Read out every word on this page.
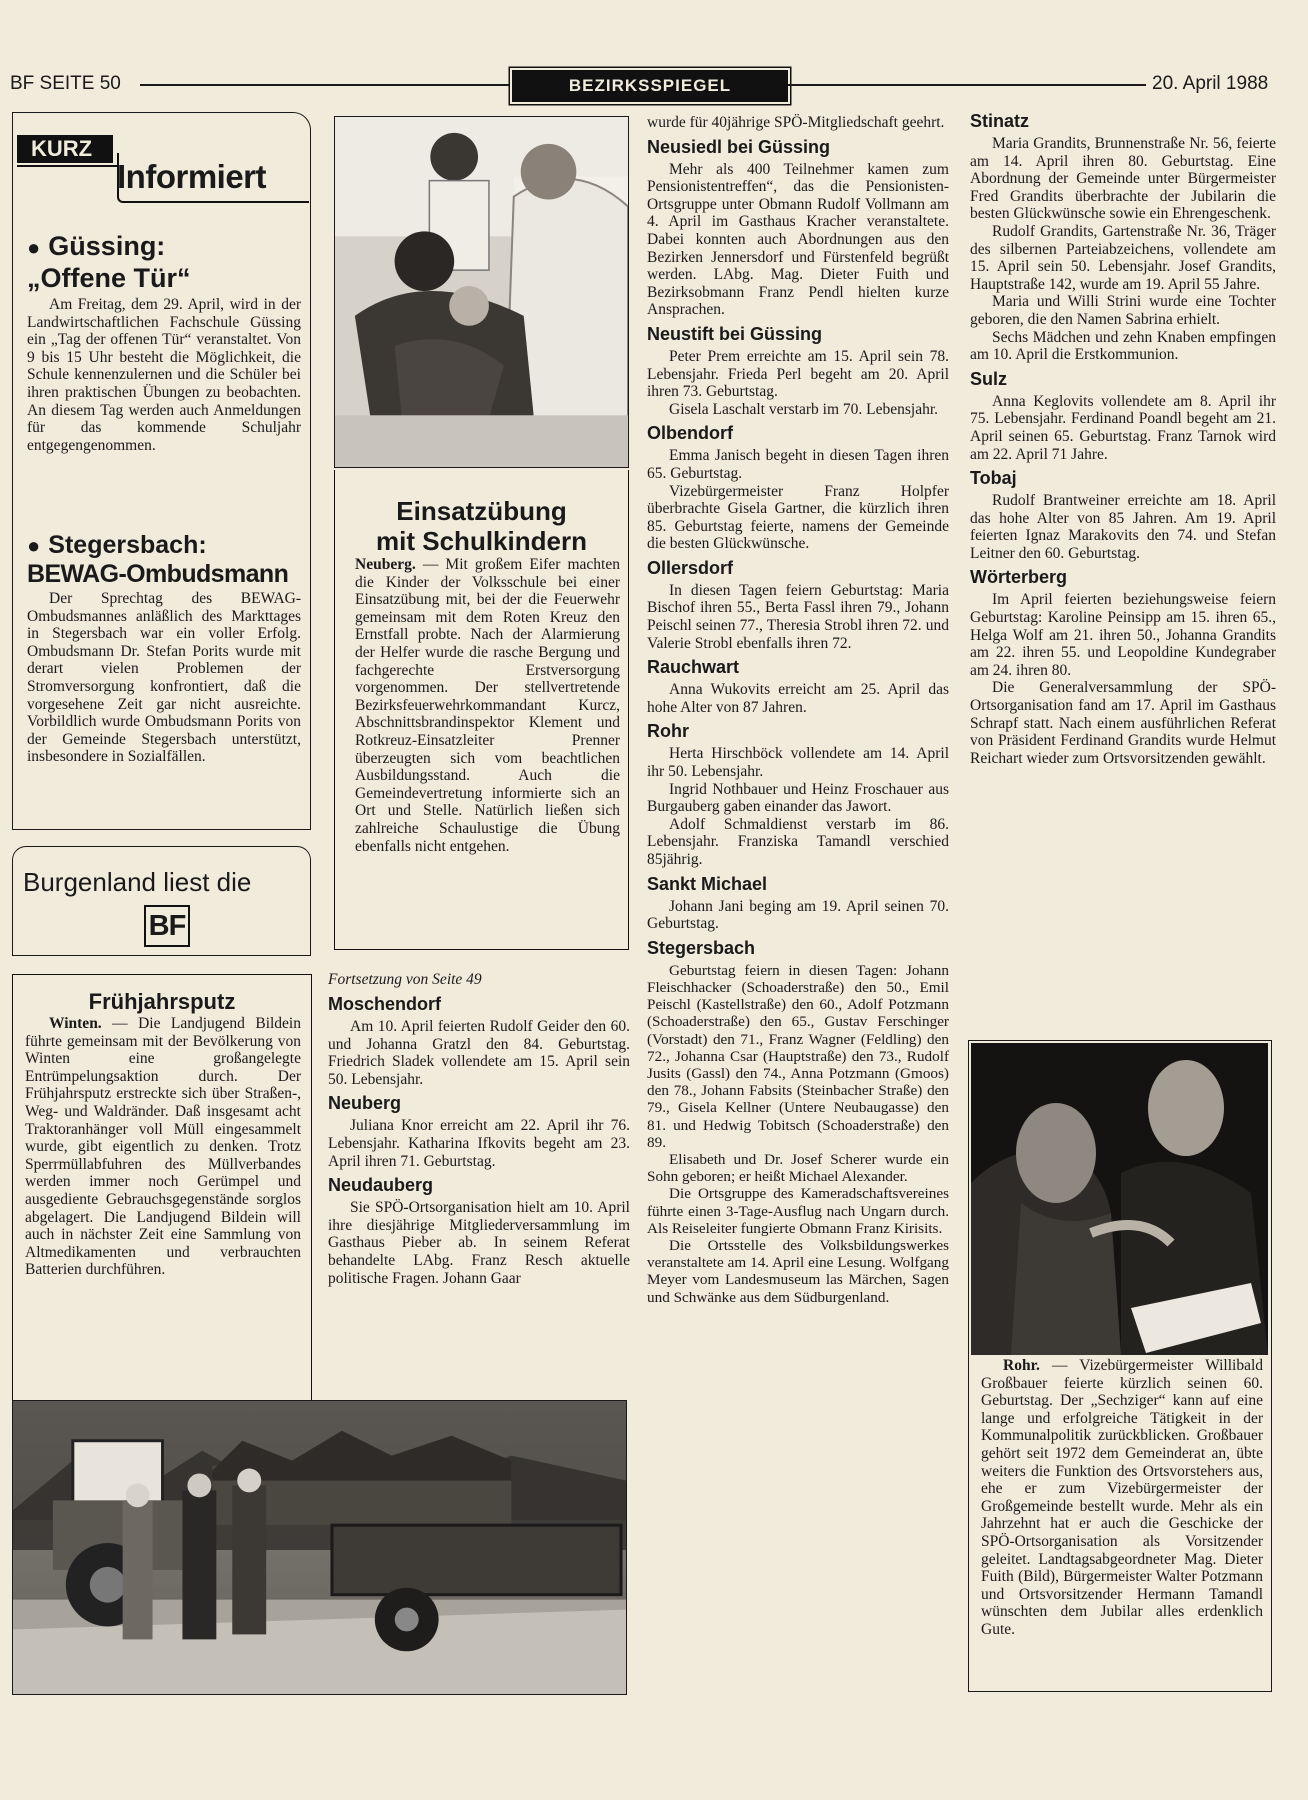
BF SEITE 50	BEZIRKSSPIEGEL	20. April 1988
KURZ
Informiert
● Güssing:
„Offene Tür“

Am Freitag, dem 29. April, wird in der Landwirtschaftlichen Fachschule Güssing ein „Tag der offenen Tür“ veranstaltet. Von 9 bis 15 Uhr besteht die Möglichkeit, die Schule kennenzulernen und die Schüler bei ihren praktischen Übungen zu beobachten. An diesem Tag werden auch Anmeldungen für das kommende Schuljahr entgegengenommen.

● Stegersbach:
BEWAG-Ombudsmann

Der Sprechtag des BEWAG-Ombudsmannes anläßlich des Markttages in Stegersbach war ein voller Erfolg. Ombudsmann Dr. Stefan Porits wurde mit derart vielen Problemen der Stromversorgung konfrontiert, daß die vorgesehene Zeit gar nicht ausreichte. Vorbildlich wurde Ombudsmann Porits von der Gemeinde Stegersbach unterstützt, insbesondere in Sozialfällen.

Burgenland liest die
BF
Frühjahrsputz

Winten. — Die Landjugend Bildein führte gemeinsam mit der Bevölkerung von Winten eine großangelegte Entrümpelungsaktion durch. Der Frühjahrsputz erstreckte sich über Straßen-, Weg- und Waldränder. Daß insgesamt acht Traktoranhänger voll Müll eingesammelt wurde, gibt eigentlich zu denken. Trotz Sperrmüllabfuhren des Müllverbandes werden immer noch Gerümpel und ausgediente Gebrauchsgegenstände sorglos abgelagert. Die Landjugend Bildein will auch in nächster Zeit eine Sammlung von Altmedikamenten und verbrauchten Batterien durchführen.

Einsatzübung
mit Schulkindern

Neuberg. — Mit großem Eifer machten die Kinder der Volksschule bei einer Einsatzübung mit, bei der die Feuerwehr gemeinsam mit dem Roten Kreuz den Ernstfall probte. Nach der Alarmierung der Helfer wurde die rasche Bergung und fachgerechte Erstversorgung vorgenommen. Der stellvertretende Bezirksfeuerwehrkommandant Kurcz, Abschnittsbrandinspektor Klement und Rotkreuz-Einsatzleiter Prenner überzeugten sich vom beachtlichen Ausbildungsstand. Auch die Gemeindevertretung informierte sich an Ort und Stelle. Natürlich ließen sich zahlreiche Schaulustige die Übung ebenfalls nicht entgehen.

Fortsetzung von Seite 49
Moschendorf

Am 10. April feierten Rudolf Geider den 60. und Johanna Gratzl den 84. Geburtstag. Friedrich Sladek vollendete am 15. April sein 50. Lebensjahr.

Neuberg

Juliana Knor erreicht am 22. April ihr 76. Lebensjahr. Katharina Ifkovits begeht am 23. April ihren 71. Geburtstag.

Neudauberg

Sie SPÖ-Ortsorganisation hielt am 10. April ihre diesjährige Mitgliederversammlung im Gasthaus Pieber ab. In seinem Referat behandelte LAbg. Franz Resch aktuelle politische Fragen. Johann Gaar

wurde für 40jährige SPÖ-Mitgliedschaft geehrt.

Neusiedl bei Güssing

Mehr als 400 Teilnehmer kamen zum Pensionistentreffen“, das die Pensionisten-Ortsgruppe unter Obmann Rudolf Vollmann am 4. April im Gasthaus Kracher veranstaltete. Dabei konnten auch Abordnungen aus den Bezirken Jennersdorf und Fürstenfeld begrüßt werden. LAbg. Mag. Dieter Fuith und Bezirksobmann Franz Pendl hielten kurze Ansprachen.

Neustift bei Güssing

Peter Prem erreichte am 15. April sein 78. Lebensjahr. Frieda Perl begeht am 20. April ihren 73. Geburtstag.

Gisela Laschalt verstarb im 70. Lebensjahr.

Olbendorf

Emma Janisch begeht in diesen Tagen ihren 65. Geburtstag.

Vizebürgermeister Franz Holpfer überbrachte Gisela Gartner, die kürzlich ihren 85. Geburtstag feierte, namens der Gemeinde die besten Glückwünsche.

Ollersdorf

In diesen Tagen feiern Geburtstag: Maria Bischof ihren 55., Berta Fassl ihren 79., Johann Peischl seinen 77., Theresia Strobl ihren 72. und Valerie Strobl ebenfalls ihren 72.

Rauchwart

Anna Wukovits erreicht am 25. April das hohe Alter von 87 Jahren.

Rohr

Herta Hirschböck vollendete am 14. April ihr 50. Lebensjahr.

Ingrid Nothbauer und Heinz Froschauer aus Burgauberg gaben einander das Jawort.

Adolf Schmaldienst verstarb im 86. Lebensjahr. Franziska Tamandl verschied 85jährig.

Sankt Michael

Johann Jani beging am 19. April seinen 70. Geburtstag.

Stegersbach

Geburtstag feiern in diesen Tagen: Johann Fleischhacker (Schoaderstraße) den 50., Emil Peischl (Kastellstraße) den 60., Adolf Potzmann (Schoaderstraße) den 65., Gustav Ferschinger (Vorstadt) den 71., Franz Wagner (Feldling) den 72., Johanna Csar (Hauptstraße) den 73., Rudolf Jusits (Gassl) den 74., Anna Potzmann (Gmoos) den 78., Johann Fabsits (Steinbacher Straße) den 79., Gisela Kellner (Untere Neubaugasse) den 81. und Hedwig Tobitsch (Schoaderstraße) den 89.

Elisabeth und Dr. Josef Scherer wurde ein Sohn geboren; er heißt Michael Alexander.

Die Ortsgruppe des Kameradschaftsvereines führte einen 3-Tage-Ausflug nach Ungarn durch. Als Reiseleiter fungierte Obmann Franz Kirisits.

Die Ortsstelle des Volksbildungswerkes veranstaltete am 14. April eine Lesung. Wolfgang Meyer vom Landesmuseum las Märchen, Sagen und Schwänke aus dem Südburgenland.

Stinatz

Maria Grandits, Brunnenstraße Nr. 56, feierte am 14. April ihren 80. Geburtstag. Eine Abordnung der Gemeinde unter Bürgermeister Fred Grandits überbrachte der Jubilarin die besten Glückwünsche sowie ein Ehrengeschenk.

Rudolf Grandits, Gartenstraße Nr. 36, Träger des silbernen Parteiabzeichens, vollendete am 15. April sein 50. Lebensjahr. Josef Grandits, Hauptstraße 142, wurde am 19. April 55 Jahre.

Maria und Willi Strini wurde eine Tochter geboren, die den Namen Sabrina erhielt.

Sechs Mädchen und zehn Knaben empfingen am 10. April die Erstkommunion.

Sulz

Anna Keglovits vollendete am 8. April ihr 75. Lebensjahr. Ferdinand Poandl begeht am 21. April seinen 65. Geburtstag. Franz Tarnok wird am 22. April 71 Jahre.

Tobaj

Rudolf Brantweiner erreichte am 18. April das hohe Alter von 85 Jahren. Am 19. April feierten Ignaz Marakovits den 74. und Stefan Leitner den 60. Geburtstag.

Wörterberg

Im April feierten beziehungsweise feiern Geburtstag: Karoline Peinsipp am 15. ihren 65., Helga Wolf am 21. ihren 50., Johanna Grandits am 22. ihren 55. und Leopoldine Kundegraber am 24. ihren 80.

Die Generalversammlung der SPÖ-Ortsorganisation fand am 17. April im Gasthaus Schrapf statt. Nach einem ausführlichen Referat von Präsident Ferdinand Grandits wurde Helmut Reichart wieder zum Ortsvorsitzenden gewählt.

Rohr. — Vizebürgermeister Willibald Großbauer feierte kürzlich seinen 60. Geburtstag. Der „Sechziger“ kann auf eine lange und erfolgreiche Tätigkeit in der Kommunalpolitik zurückblicken. Großbauer gehört seit 1972 dem Gemeinderat an, übte weiters die Funktion des Ortsvorstehers aus, ehe er zum Vizebürgermeister der Großgemeinde bestellt wurde. Mehr als ein Jahrzehnt hat er auch die Geschicke der SPÖ-Ortsorganisation als Vorsitzender geleitet. Landtagsabgeordneter Mag. Dieter Fuith (Bild), Bürgermeister Walter Potzmann und Ortsvorsitzender Hermann Tamandl wünschten dem Jubilar alles erdenklich Gute.
